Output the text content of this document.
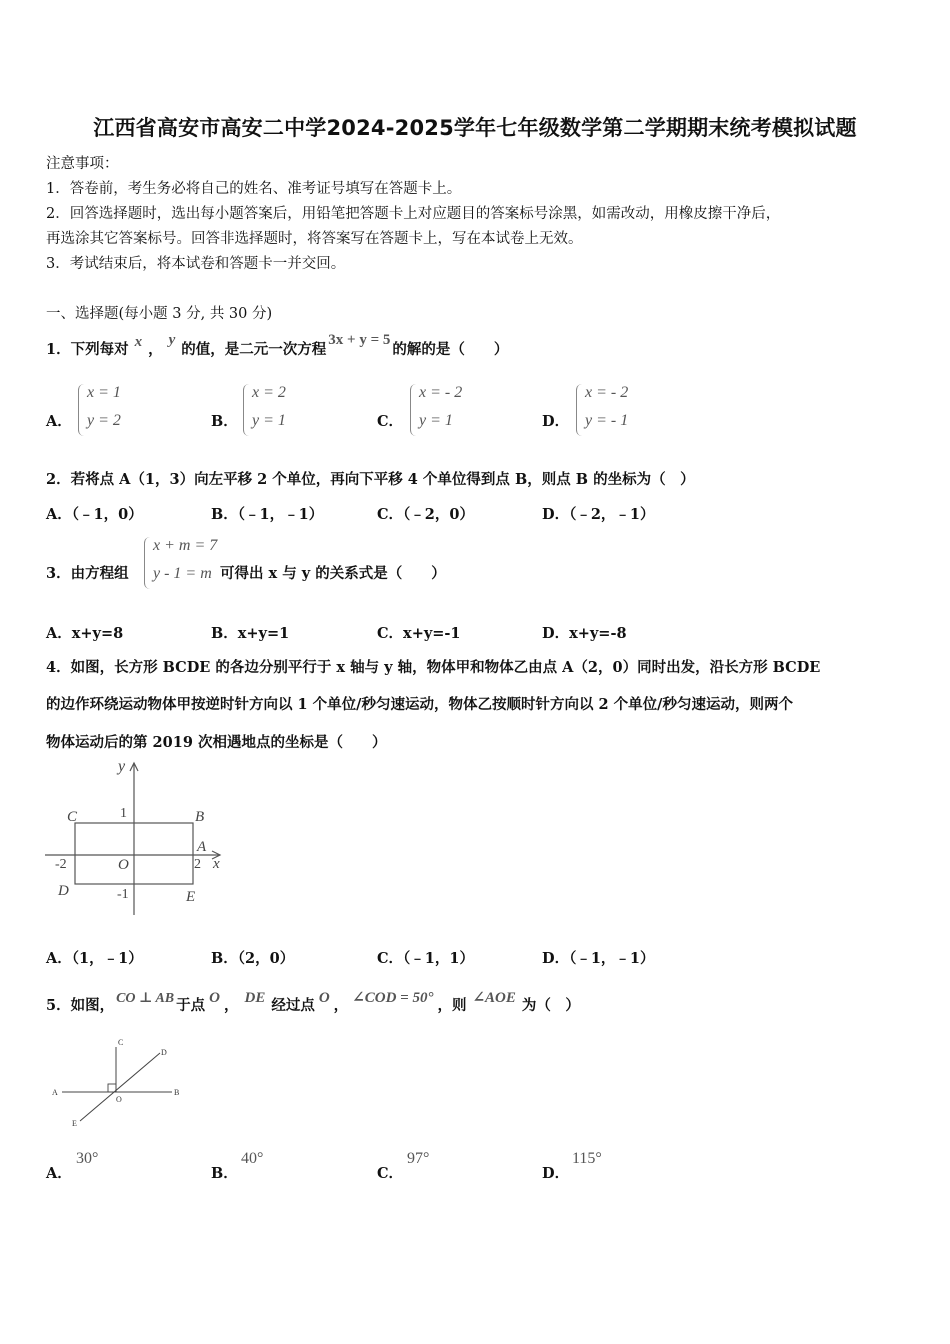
江西省高安市高安二中学2024-2025学年七年级数学第二学期期末统考模拟试题
注意事项：
1．答卷前，考生务必将自己的姓名、准考证号填写在答题卡上。
2．回答选择题时，选出每小题答案后，用铅笔把答题卡上对应题目的答案标号涂黑，如需改动，用橡皮擦干净后，
再选涂其它答案标号。回答非选择题时，将答案写在答题卡上，写在本试卷上无效。
3．考试结束后，将本试卷和答题卡一并交回。
一、选择题(每小题 3 分, 共 30 分)
1．下列每对 x ，y的值，是二元一次方程3x + y = 5的解的是（　　）
A．
x = 1
y = 2	B．
x = 2
y = 1	C．
x = - 2
y = 1	D．
x = - 2
y = - 1
2．若将点 A（1，3）向左平移 2 个单位，再向下平移 4 个单位得到点 B，则点 B 的坐标为（　）
A．（﹣1，0）	B．（﹣1，﹣1）	C．（﹣2，0）	D．（﹣2，﹣1）
3．由方程组
x + m = 7
y - 1 = m 可得出 x 与 y 的关系式是（　　）
A．x+y=8	B．x+y=1	C．x+y=-1	D．x+y=-8
4．如图，长方形 BCDE 的各边分别平行于 x 轴与 y 轴，物体甲和物体乙由点 A（2，0）同时出发，沿长方形 BCDE
的边作环绕运动物体甲按逆时针方向以 1 个单位/秒匀速运动，物体乙按顺时针方向以 2 个单位/秒匀速运动，则两个
物体运动后的第 2019 次相遇地点的坐标是（　　）
y
x
O
C	B
A
D	E
1
-1
2
-2
A．（1，﹣1）	B．（2，0）	C．（﹣1，1）	D．（﹣1，﹣1）
5．如图， CO ⊥ AB 于点 O ， DE 经过点 O ， ∠COD = 50° ，则 ∠AOE 为（　）
A	B
C
D
E
O
A．
30°
B．
40°
C．
97°
D．
115°
